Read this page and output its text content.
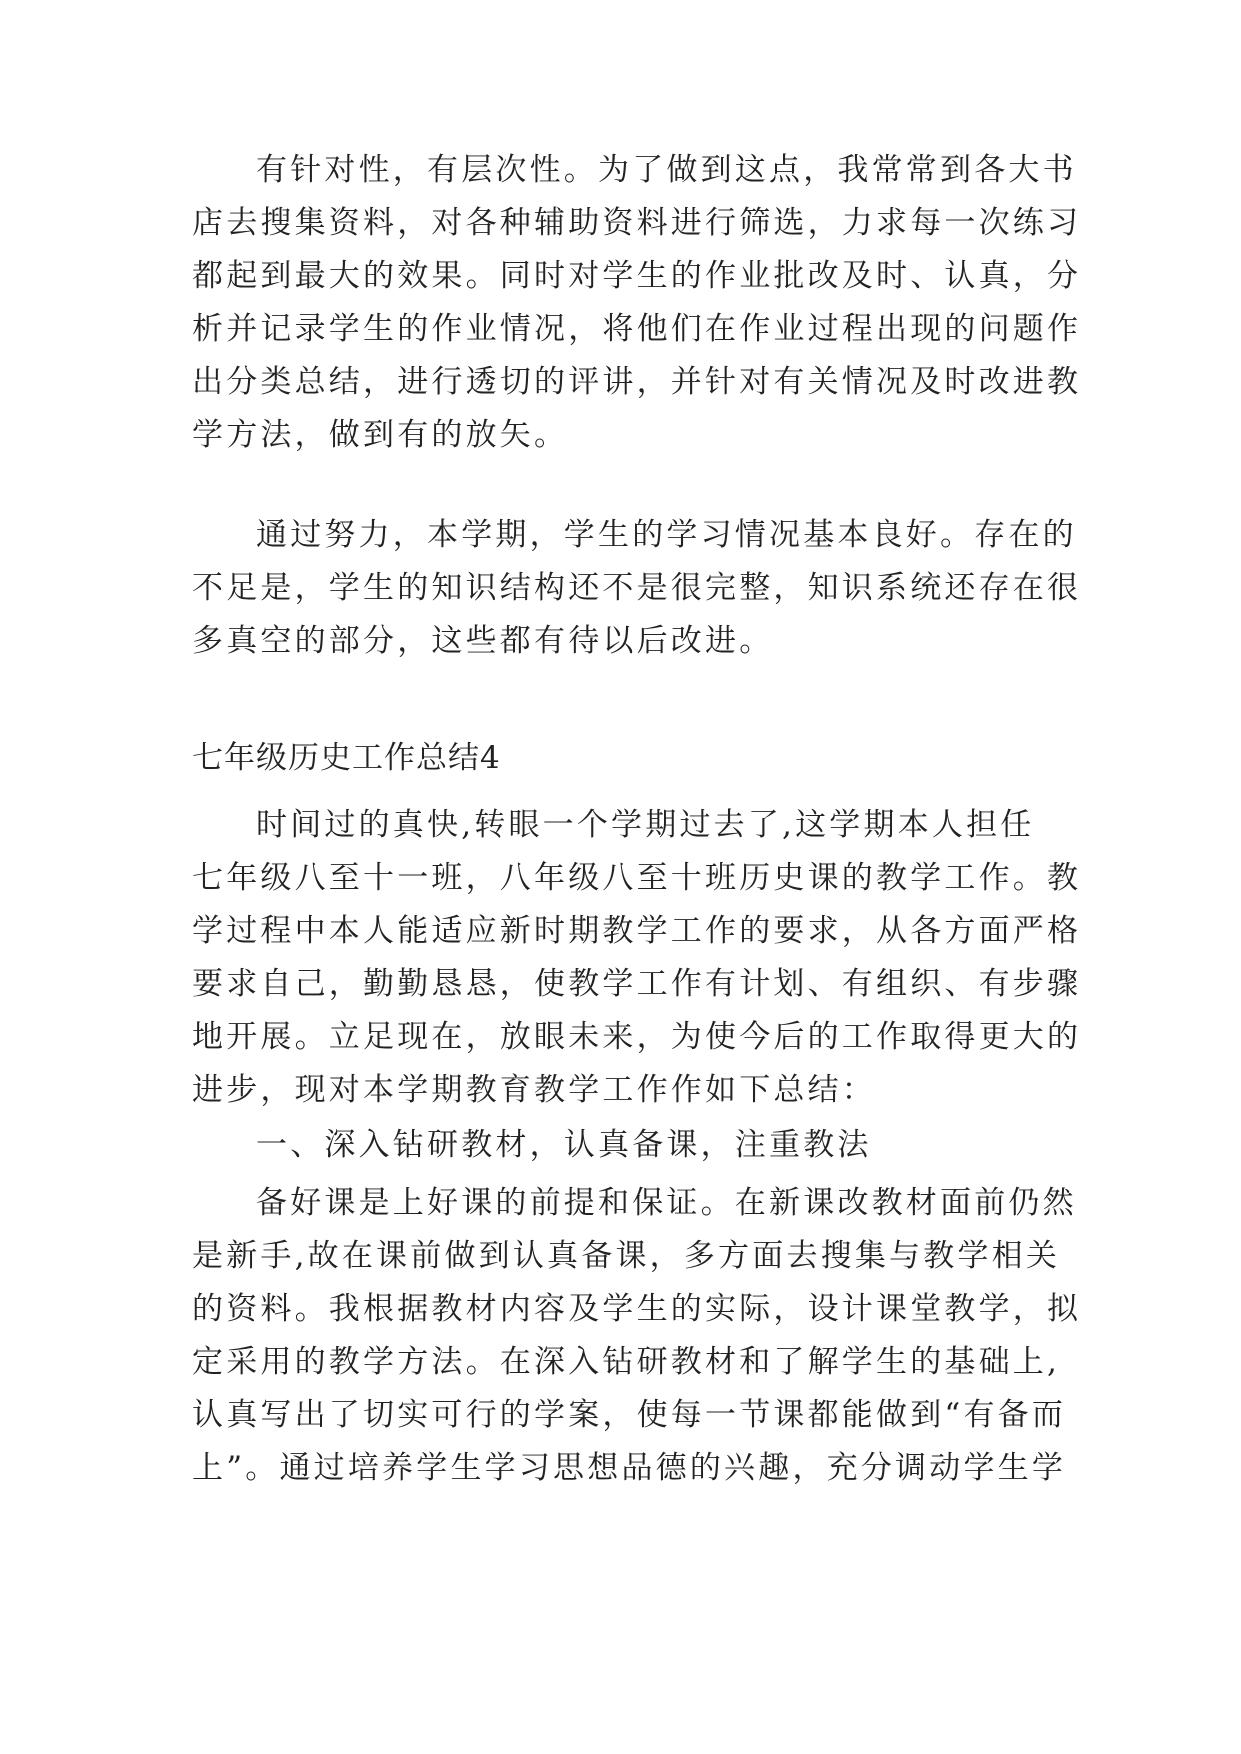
有针对性，有层次性。为了做到这点，我常常到各大书
店去搜集资料，对各种辅助资料进行筛选，力求每一次练习
都起到最大的效果。同时对学生的作业批改及时、认真，分
析并记录学生的作业情况，将他们在作业过程出现的问题作
出分类总结，进行透切的评讲，并针对有关情况及时改进教
学方法，做到有的放矢。
通过努力，本学期，学生的学习情况基本良好。存在的
不足是，学生的知识结构还不是很完整，知识系统还存在很
多真空的部分，这些都有待以后改进。
七年级历史工作总结4
时间过的真快,转眼一个学期过去了,这学期本人担任
七年级八至十一班，八年级八至十班历史课的教学工作。教
学过程中本人能适应新时期教学工作的要求，从各方面严格
要求自己，勤勤恳恳，使教学工作有计划、有组织、有步骤
地开展。立足现在，放眼未来，为使今后的工作取得更大的
进步，现对本学期教育教学工作作如下总结：
一、深入钻研教材，认真备课，注重教法
备好课是上好课的前提和保证。在新课改教材面前仍然
是新手,故在课前做到认真备课，多方面去搜集与教学相关
的资料。我根据教材内容及学生的实际，设计课堂教学，拟
定采用的教学方法。在深入钻研教材和了解学生的基础上,
认真写出了切实可行的学案，使每一节课都能做到“有备而
上”。通过培养学生学习思想品德的兴趣，充分调动学生学
